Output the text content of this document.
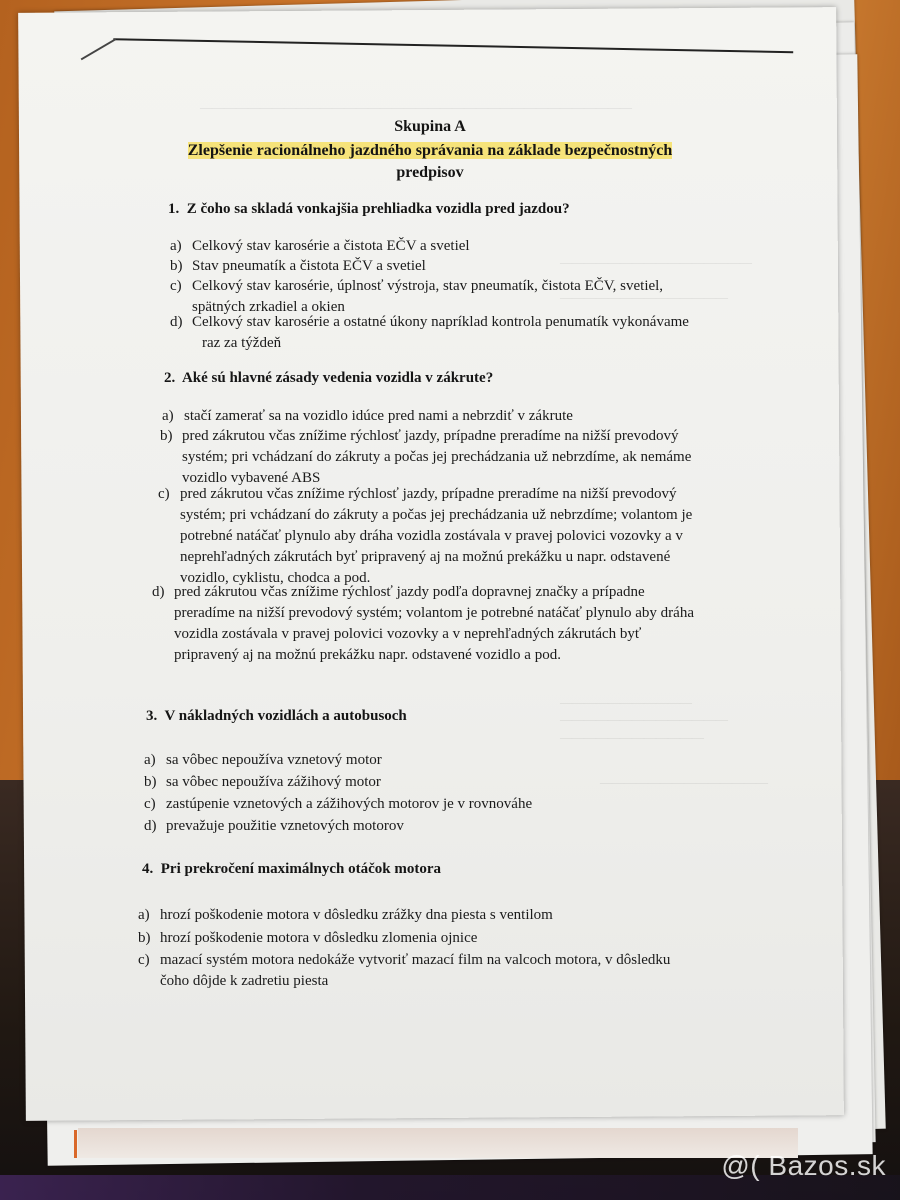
———————————
——————————————
————————————
——————————————
————————————————————————————————————
————————————————
——————————————
Skupina A
Zlepšenie racionálneho jazdného správania na základe bezpečnostných
predpisov
1. Z čoho sa skladá vonkajšia prehliadka vozidla pred jazdou?
a) Celkový stav karosérie a čistota EČV a svetiel
b) Stav pneumatík a čistota EČV a svetiel
c) Celkový stav karosérie, úplnosť výstroja, stav pneumatík, čistota EČV, svetiel,
spätných zrkadiel a okien
d) Celkový stav karosérie a ostatné úkony napríklad kontrola penumatík vykonávame
raz za týždeň
2. Aké sú hlavné zásady vedenia vozidla v zákrute?
a) stačí zamerať sa na vozidlo idúce pred nami a nebrzdiť v zákrute
b) pred zákrutou včas znížime rýchlosť jazdy, prípadne preradíme na nižší prevodový
systém; pri vchádzaní do zákruty a počas jej prechádzania už nebrzdíme, ak nemáme
vozidlo vybavené ABS
c) pred zákrutou včas znížime rýchlosť jazdy, prípadne preradíme na nižší prevodový
systém; pri vchádzaní do zákruty a počas jej prechádzania už nebrzdíme; volantom je
potrebné natáčať plynulo aby dráha vozidla zostávala v pravej polovici vozovky a v
neprehľadných zákrutách byť pripravený aj na možnú prekážku u napr. odstavené
vozidlo, cyklistu, chodca a pod.
d) pred zákrutou včas znížime rýchlosť jazdy podľa dopravnej značky a prípadne
preradíme na nižší prevodový systém; volantom je potrebné natáčať plynulo aby dráha
vozidla zostávala v pravej polovici vozovky a v neprehľadných zákrutách byť
pripravený aj na možnú prekážku napr. odstavené vozidlo a pod.
3. V nákladných vozidlách a autobusoch
a) sa vôbec nepoužíva vznetový motor
b) sa vôbec nepoužíva zážihový motor
c) zastúpenie vznetových a zážihových motorov je v rovnováhe
d) prevažuje použitie vznetových motorov
4. Pri prekročení maximálnych otáčok motora
a) hrozí poškodenie motora v dôsledku zrážky dna piesta s ventilom
b) hrozí poškodenie motora v dôsledku zlomenia ojnice
c) mazací systém motora nedokáže vytvoriť mazací film na valcoch motora, v dôsledku
čoho dôjde k zadretiu piesta
@( Bazos.sk
